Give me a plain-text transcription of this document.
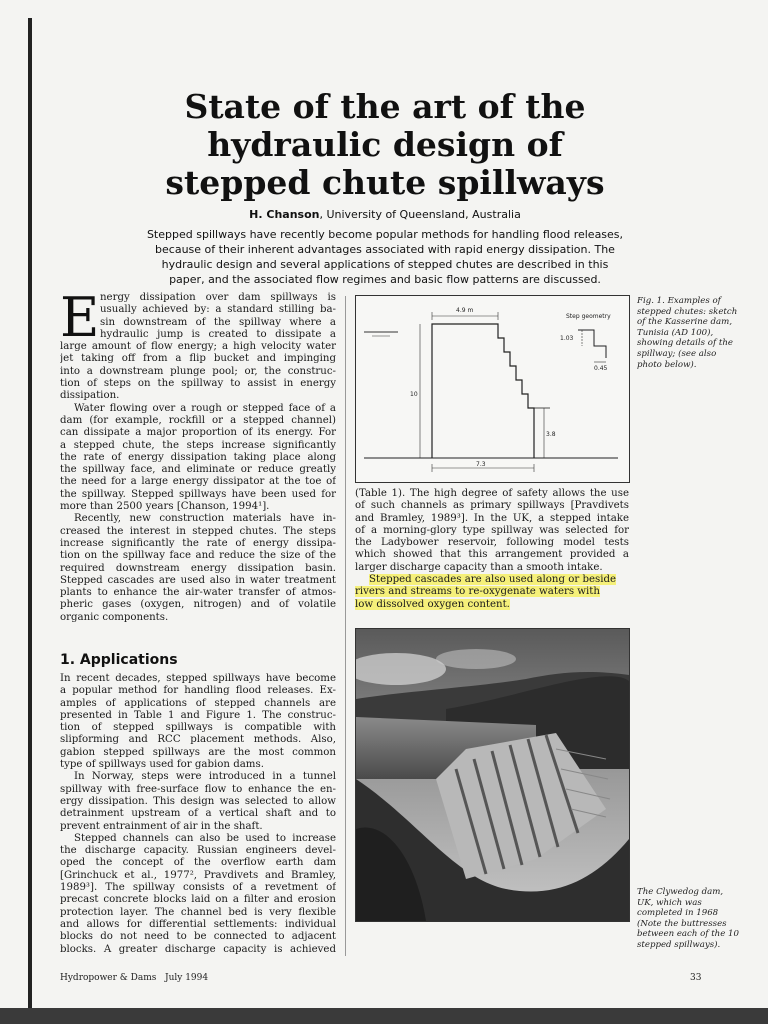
State of the art of the
hydraulic design of
stepped chute spillways
H. Chanson, University of Queensland, Australia
Stepped spillways have recently become popular methods for handling flood releases,
because of their inherent advantages associated with rapid energy dissipation. The
hydraulic design and several applications of stepped chutes are described in this
paper, and the associated flow regimes and basic flow patterns are discussed.
E nergy dissipation over dam spillways is
usually achieved by: a standard stilling ba-
sin downstream of the spillway where a
hydraulic jump is created to dissipate a
large amount of flow energy; a high velocity water
jet taking off from a flip bucket and impinging
into a downstream plunge pool; or, the construc-
tion of steps on the spillway to assist in energy
dissipation.
Water flowing over a rough or stepped face of a
dam (for example, rockfill or a stepped channel)
can dissipate a major proportion of its energy. For
a stepped chute, the steps increase significantly
the rate of energy dissipation taking place along
the spillway face, and eliminate or reduce greatly
the need for a large energy dissipator at the toe of
the spillway. Stepped spillways have been used for
more than 2500 years [Chanson, 1994¹].
Recently, new construction materials have in-
creased the interest in stepped chutes. The steps
increase significantly the rate of energy dissipa-
tion on the spillway face and reduce the size of the
required downstream energy dissipation basin.
Stepped cascades are used also in water treatment
plants to enhance the air-water transfer of atmos-
pheric gases (oxygen, nitrogen) and of volatile
organic components.
1. Applications
In recent decades, stepped spillways have become
a popular method for handling flood releases. Ex-
amples of applications of stepped channels are
presented in Table 1 and Figure 1. The construc-
tion of stepped spillways is compatible with
slipforming and RCC placement methods. Also,
gabion stepped spillways are the most common
type of spillways used for gabion dams.
In Norway, steps were introduced in a tunnel
spillway with free-surface flow to enhance the en-
ergy dissipation. This design was selected to allow
detrainment upstream of a vertical shaft and to
prevent entrainment of air in the shaft.
Stepped channels can also be used to increase
the discharge capacity. Russian engineers devel-
oped the concept of the overflow earth dam
[Grinchuck et al., 1977², Pravdivets and Bramley,
1989³]. The spillway consists of a revetment of
precast concrete blocks laid on a filter and erosion
protection layer. The channel bed is very flexible
and allows for differential settlements: individual
blocks do not need to be connected to adjacent
blocks. A greater discharge capacity is achieved
4.9 m
10
3.8
7.3
Step geometry
1.03
0.45
Fig. 1. Examples of
stepped chutes: sketch
of the Kasserine dam,
Tunisia (AD 100),
showing details of the
spillway; (see also
photo below).
(Table 1). The high degree of safety allows the use
of such channels as primary spillways [Pravdivets
and Bramley, 1989³]. In the UK, a stepped intake
of a morning-glory type spillway was selected for
the Ladybower reservoir, following model tests
which showed that this arrangement provided a
larger discharge capacity than a smooth intake.
Stepped cascades are also used along or beside
rivers and streams to re-oxygenate waters with
low dissolved oxygen content.
The Clywedog dam,
UK, which was
completed in 1968
(Note the buttresses
between each of the 10
stepped spillways).
Hydropower & Dams   July 1994	33
